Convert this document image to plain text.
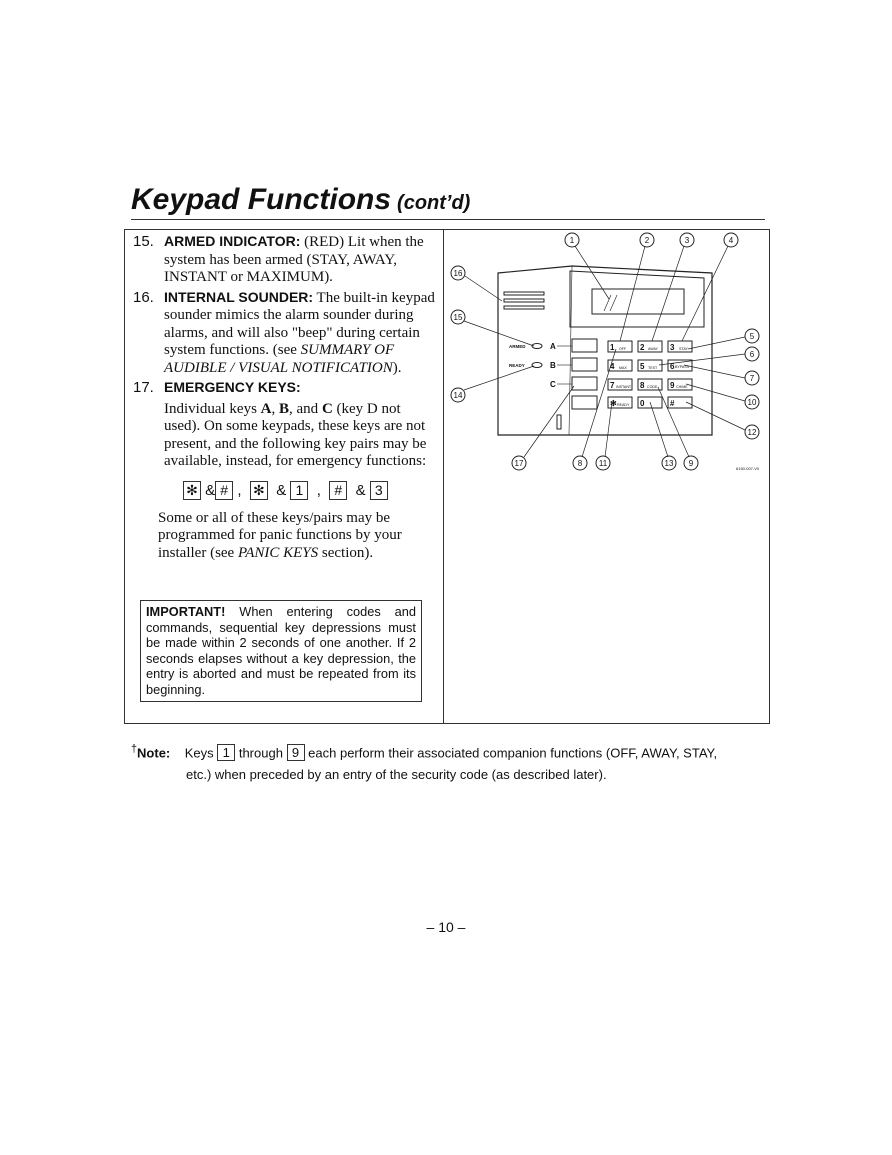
Keypad Functions (cont’d)
15. ARMED INDICATOR: (RED) Lit when the system has been armed (STAY, AWAY, INSTANT or MAXIMUM).
16. INTERNAL SOUNDER: The built-in keypad sounder mimics the alarm sounder during alarms, and will also "beep" during certain system functions. (see SUMMARY OF AUDIBLE / VISUAL NOTIFICATION).
17. EMERGENCY KEYS:
Individual keys A, B, and C (key D not used). On some keypads, these keys are not present, and the following key pairs may be available, instead, for emergency functions:
✻ & # , ✻ & 1 , # & 3
Some or all of these keys/pairs may be programmed for panic functions by your installer (see PANIC KEYS section).
IMPORTANT! When entering codes and commands, sequential key depressions must be made within 2 seconds of one another. If 2 seconds elapses without a key depression, the entry is aborted and must be repeated from its beginning.
1	2	3	4
5
6
7
8	9
10
11
12
13
14
15
16
17
ARMED
READY
A
B
C
1	2	3
4	5	6
7	8	9
✻	0	#
OFF	AWAY	STAY
MAX	TEST	BYPASS
INSTANT	CODE	CHIME
READY
6150-007-V0
†Note: Keys 1 through 9 each perform their associated companion functions (OFF, AWAY, STAY,
etc.) when preceded by an entry of the security code (as described later).
– 10 –
